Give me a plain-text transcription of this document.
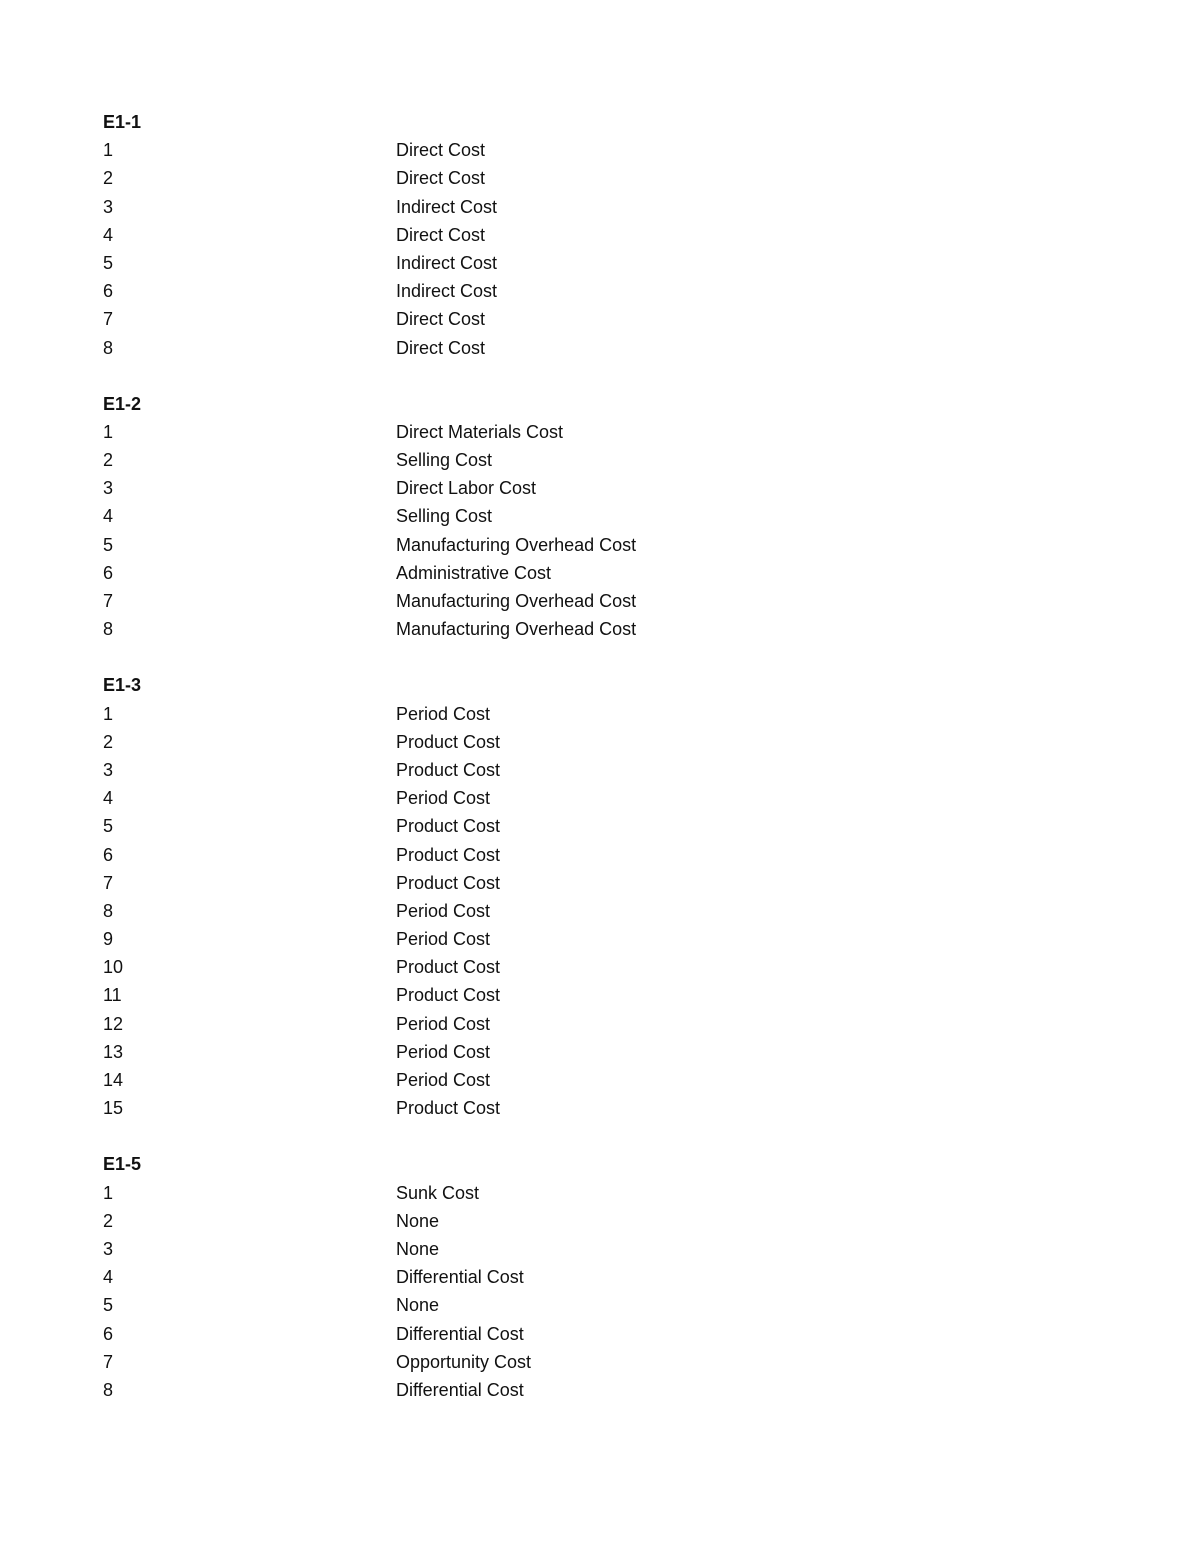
E1-1
1	Direct Cost
2	Direct Cost
3	Indirect Cost
4	Direct Cost
5	Indirect Cost
6	Indirect Cost
7	Direct Cost
8	Direct Cost
E1-2
1	Direct Materials Cost
2	Selling Cost
3	Direct Labor Cost
4	Selling Cost
5	Manufacturing Overhead Cost
6	Administrative Cost
7	Manufacturing Overhead Cost
8	Manufacturing Overhead Cost
E1-3
1	Period Cost
2	Product Cost
3	Product Cost
4	Period Cost
5	Product Cost
6	Product Cost
7	Product Cost
8	Period Cost
9	Period Cost
10	Product Cost
11	Product Cost
12	Period Cost
13	Period Cost
14	Period Cost
15	Product Cost
E1-5
1	Sunk Cost
2	None
3	None
4	Differential Cost
5	None
6	Differential Cost
7	Opportunity Cost
8	Differential Cost
